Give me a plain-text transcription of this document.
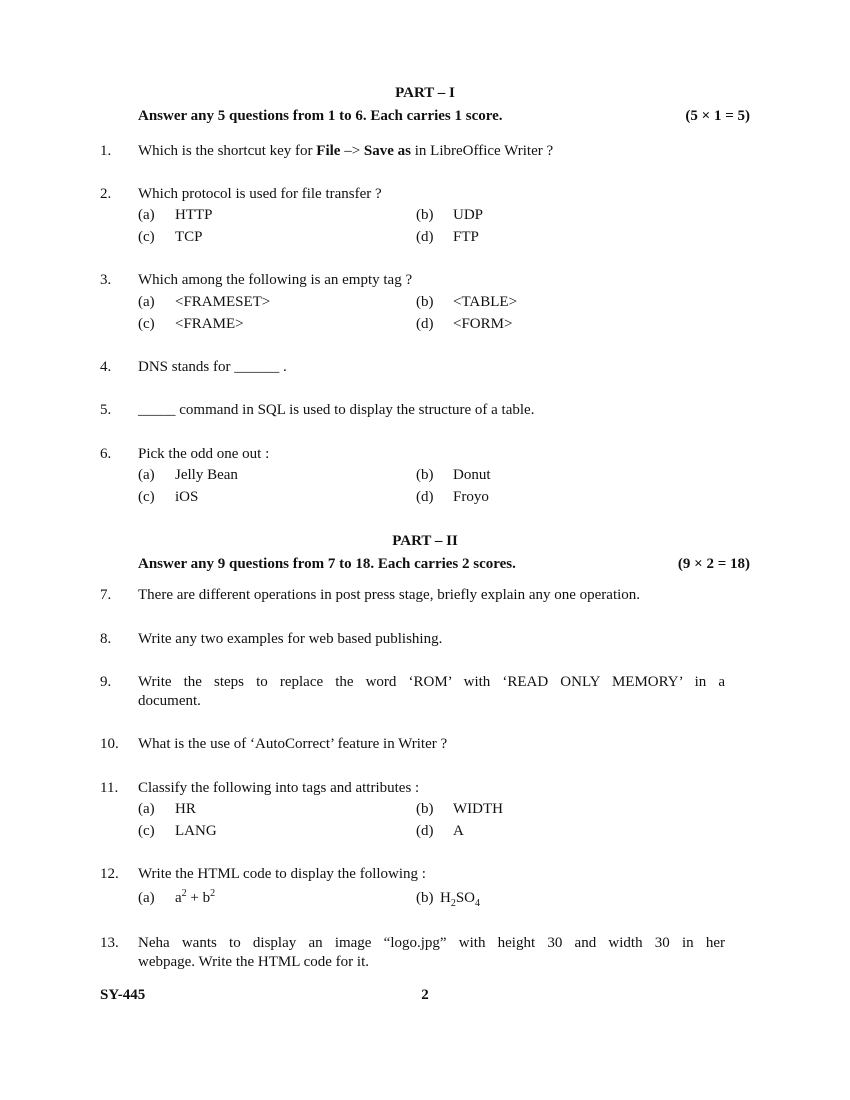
PART – I
Answer any 5 questions from 1 to 6. Each carries 1 score.	(5 × 1 = 5)
1. Which is the shortcut key for File –> Save as in LibreOffice Writer ?
2. Which protocol is used for file transfer ?
(a) HTTP	(b) UDP
(c) TCP	(d) FTP
3. Which among the following is an empty tag ?
(a) <FRAMESET>	(b) <TABLE>
(c) <FRAME>	(d) <FORM>
4. DNS stands for ______ .
5. _____ command in SQL is used to display the structure of a table.
6. Pick the odd one out :
(a) Jelly Bean	(b) Donut
(c) iOS	(d) Froyo
PART – II
Answer any 9 questions from 7 to 18. Each carries 2 scores.	(9 × 2 = 18)
7. There are different operations in post press stage, briefly explain any one operation.
8. Write any two examples for web based publishing.
9. Write the steps to replace the word ‘ROM’ with ‘READ ONLY MEMORY’ in a
document.
10. What is the use of ‘AutoCorrect’ feature in Writer ?
11. Classify the following into tags and attributes :
(a) HR	(b) WIDTH
(c) LANG	(d) A
12. Write the HTML code to display the following :
(a) $a^2 + b^2$	(b) $H_2SO_4$
13. Neha wants to display an image “logo.jpg” with height 30 and width 30 in her
webpage. Write the HTML code for it.
SY-445	2
